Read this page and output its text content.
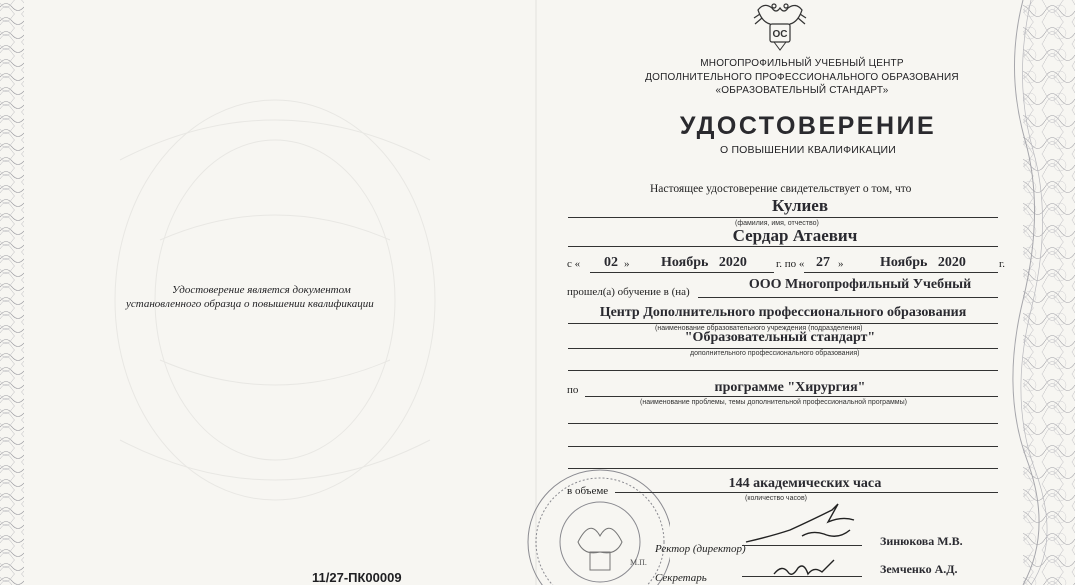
ОС
МНОГОПРОФИЛЬНЫЙ УЧЕБНЫЙ ЦЕНТР
ДОПОЛНИТЕЛЬНОГО ПРОФЕССИОНАЛЬНОГО ОБРАЗОВАНИЯ
«ОБРАЗОВАТЕЛЬНЫЙ СТАНДАРТ»
УДОСТОВЕРЕНИЕ
О ПОВЫШЕНИИ КВАЛИФИКАЦИИ
Настоящее удостоверение свидетельствует о том, что
Кулиев
(фамилия, имя, отчество)
Сердар Атаевич
с «	02 »	Ноябрь   2020	г. по « 27 »	Ноябрь   2020	г.
прошел(а) обучение в (на)	ООО Многопрофильный Учебный
Центр Дополнительного профессионального образования
(наименование образовательного учреждения (подразделения)
"Образовательный стандарт"
дополнительного профессионального образования)
по	программе "Хирургия"
(наименование проблемы, темы дополнительной профессиональной программы)
М.П.
в объеме	144 академических часа
(количество часов)
Ректор (директор)
Зинюкова М.В.
Секретарь
Земченко А.Д.
Удостоверение является документом
установленного образца о повышении квалификации
11/27-ПК00009
